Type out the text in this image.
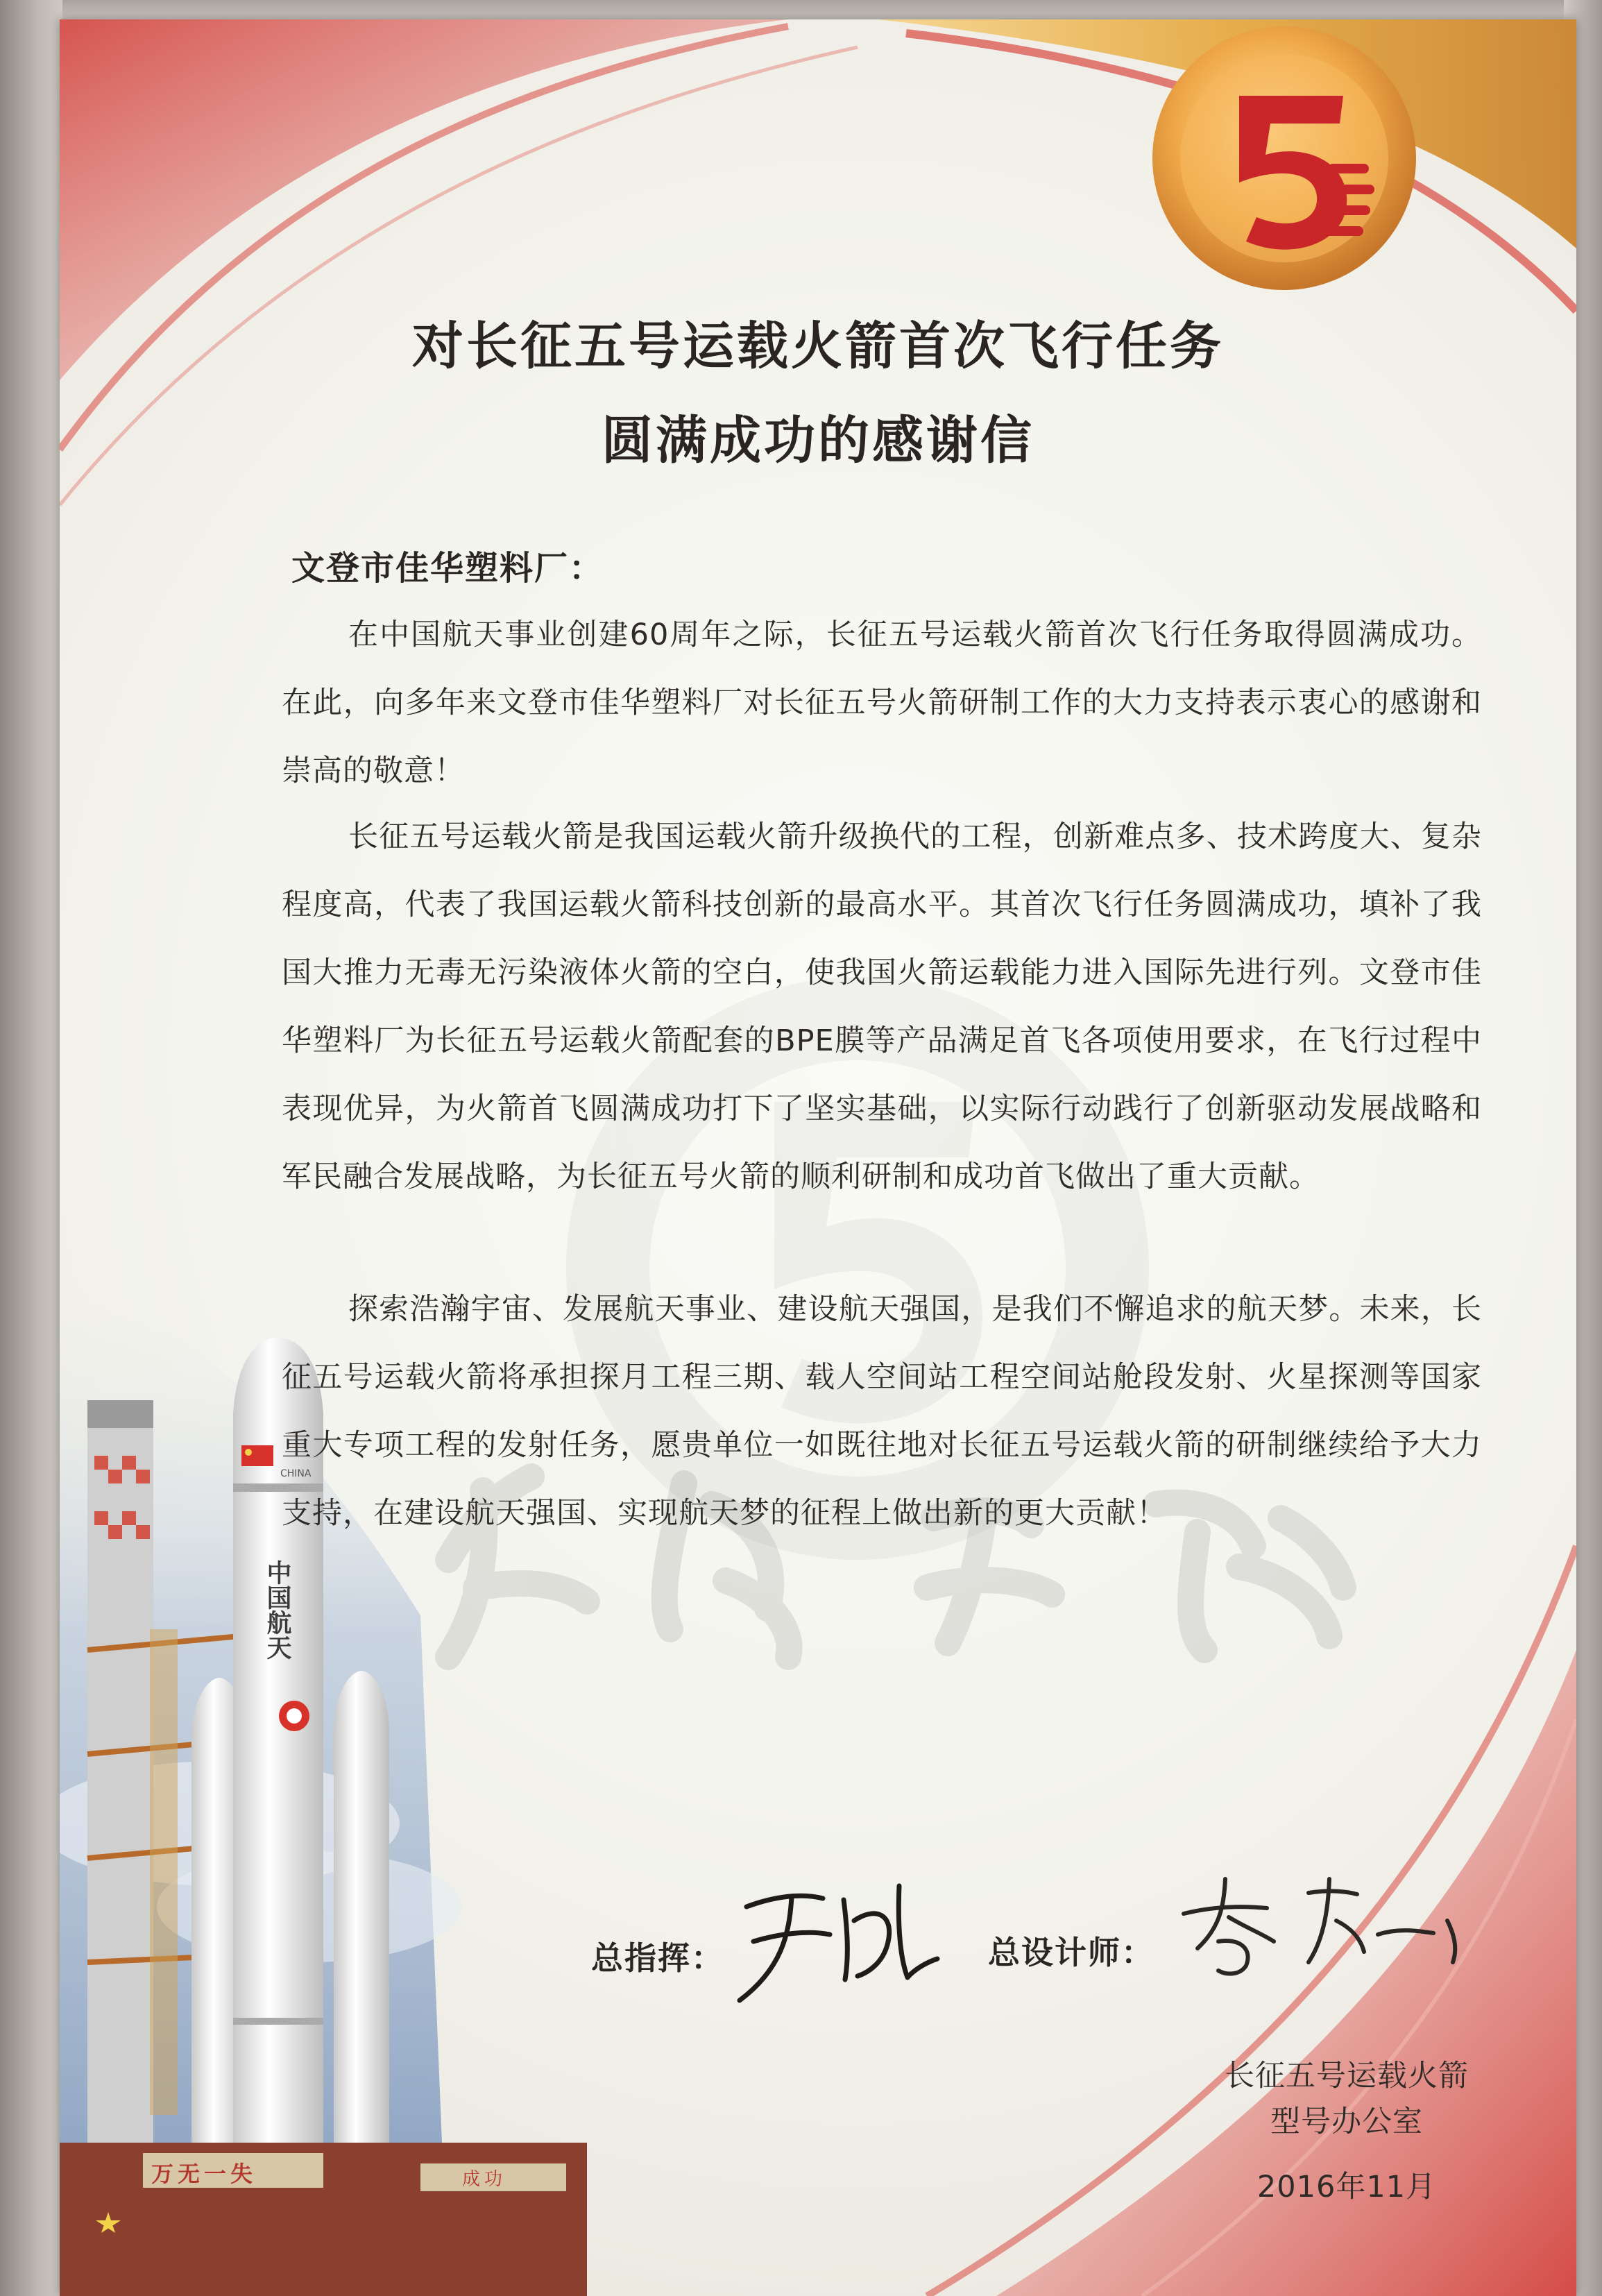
中国航天
CHINA
万无一失	成功
对长征五号运载火箭首次飞行任务
圆满成功的感谢信
文登市佳华塑料厂：
在中国航天事业创建60周年之际，长征五号运载火箭首次飞行任务取得圆满成功。在此，向多年来文登市佳华塑料厂对长征五号火箭研制工作的大力支持表示衷心的感谢和崇高的敬意！
长征五号运载火箭是我国运载火箭升级换代的工程，创新难点多、技术跨度大、复杂程度高，代表了我国运载火箭科技创新的最高水平。其首次飞行任务圆满成功，填补了我国大推力无毒无污染液体火箭的空白，使我国火箭运载能力进入国际先进行列。文登市佳华塑料厂为长征五号运载火箭配套的BPE膜等产品满足首飞各项使用要求，在飞行过程中表现优异，为火箭首飞圆满成功打下了坚实基础，以实际行动践行了创新驱动发展战略和军民融合发展战略，为长征五号火箭的顺利研制和成功首飞做出了重大贡献。
探索浩瀚宇宙、发展航天事业、建设航天强国，是我们不懈追求的航天梦。未来，长征五号运载火箭将承担探月工程三期、载人空间站工程空间站舱段发射、火星探测等国家重大专项工程的发射任务，愿贵单位一如既往地对长征五号运载火箭的研制继续给予大力支持，在建设航天强国、实现航天梦的征程上做出新的更大贡献！
总指挥：	总设计师：
长征五号运载火箭
型号办公室
2016年11月
